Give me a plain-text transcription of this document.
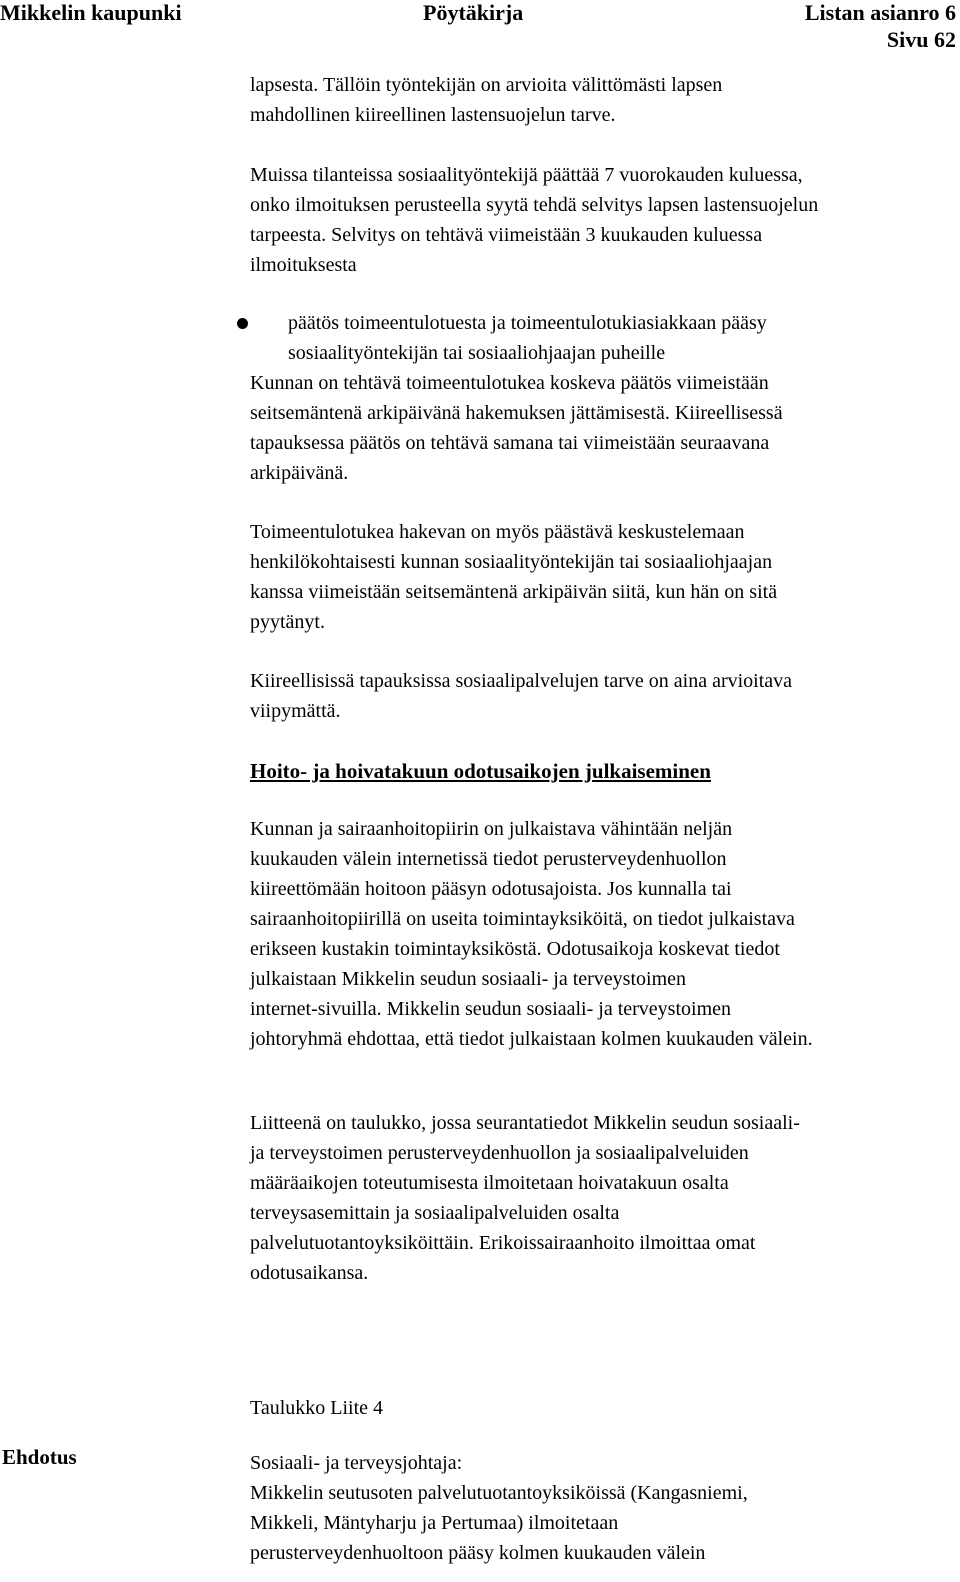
Mikkelin kaupunki	Pöytäkirja	Listan asianro 6
Sivu 62

lapsesta. Tällöin työntekijän on arvioita välittömästi lapsen
mahdollinen kiireellinen lastensuojelun tarve.

Muissa tilanteissa sosiaalityöntekijä päättää 7 vuorokauden kuluessa,
onko ilmoituksen perusteella syytä tehdä selvitys lapsen lastensuojelun
tarpeesta. Selvitys on tehtävä viimeistään 3 kuukauden kuluessa
ilmoituksesta

päätös toimeentulotuesta ja toimeentulotukiasiakkaan pääsy
sosiaalityöntekijän tai sosiaaliohjaajan puheille

Kunnan on tehtävä toimeentulotukea koskeva päätös viimeistään
seitsemäntenä arkipäivänä hakemuksen jättämisestä. Kiireellisessä
tapauksessa päätös on tehtävä samana tai viimeistään seuraavana
arkipäivänä.

Toimeentulotukea hakevan on myös päästävä keskustelemaan
henkilökohtaisesti kunnan sosiaalityöntekijän tai sosiaaliohjaajan
kanssa viimeistään seitsemäntenä arkipäivän siitä, kun hän on sitä
pyytänyt.

Kiireellisissä tapauksissa sosiaalipalvelujen tarve on aina arvioitava
viipymättä.

Hoito- ja hoivatakuun odotusaikojen julkaiseminen

Kunnan ja sairaanhoitopiirin on julkaistava vähintään neljän
kuukauden välein internetissä tiedot perusterveydenhuollon
kiireettömään hoitoon pääsyn odotusajoista. Jos kunnalla tai
sairaanhoitopiirillä on useita toimintayksiköitä, on tiedot julkaistava
erikseen kustakin toimintayksiköstä. Odotusaikoja koskevat tiedot
julkaistaan Mikkelin seudun sosiaali- ja terveystoimen
internet-sivuilla. Mikkelin seudun sosiaali- ja terveystoimen
johtoryhmä ehdottaa, että tiedot julkaistaan kolmen kuukauden välein.

Liitteenä on taulukko, jossa seurantatiedot Mikkelin seudun sosiaali-
ja terveystoimen perusterveydenhuollon ja sosiaalipalveluiden
määräaikojen toteutumisesta ilmoitetaan hoivatakuun osalta
terveysasemittain ja sosiaalipalveluiden osalta
palvelutuotantoyksiköittäin. Erikoissairaanhoito ilmoittaa omat
odotusaikansa.

Taulukko Liite 4

Ehdotus	Sosiaali- ja terveysjohtaja:
Mikkelin seutusoten palvelutuotantoyksiköissä (Kangasniemi,
Mikkeli, Mäntyharju ja Pertumaa) ilmoitetaan
perusterveydenhuoltoon pääsy kolmen kuukauden välein
